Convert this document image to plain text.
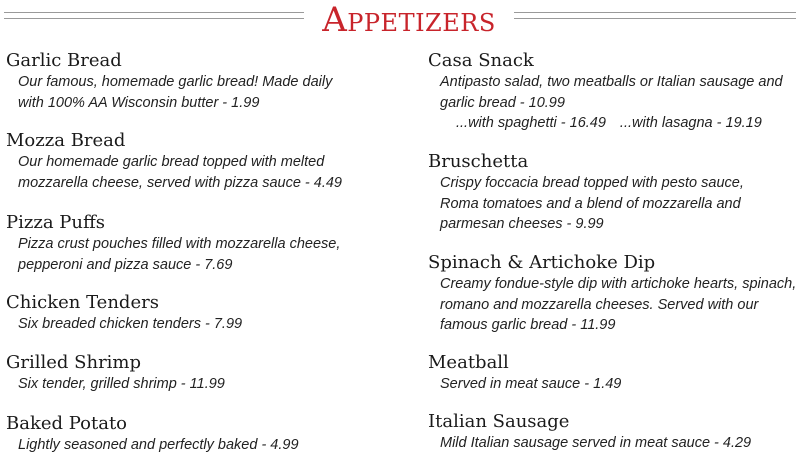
Appetizers
Garlic Bread
Our famous, homemade garlic bread! Made daily with 100% AA Wisconsin butter - 1.99
Mozza Bread
Our homemade garlic bread topped with melted mozzarella cheese, served with pizza sauce - 4.49
Pizza Puffs
Pizza crust pouches filled with mozzarella cheese, pepperoni and pizza sauce - 7.69
Chicken Tenders
Six breaded chicken tenders - 7.99
Grilled Shrimp
Six tender, grilled shrimp - 11.99
Baked Potato
Lightly seasoned and perfectly baked - 4.99
Casa Snack
Antipasto salad, two meatballs or Italian sausage and garlic bread - 10.99
...with spaghetti - 16.49 ...with lasagna - 19.19
Bruschetta
Crispy foccacia bread topped with pesto sauce, Roma tomatoes and a blend of mozzarella and parmesan cheeses - 9.99
Spinach & Artichoke Dip
Creamy fondue-style dip with artichoke hearts, spinach, romano and mozzarella cheeses. Served with our famous garlic bread - 11.99
Meatball
Served in meat sauce - 1.49
Italian Sausage
Mild Italian sausage served in meat sauce - 4.29
